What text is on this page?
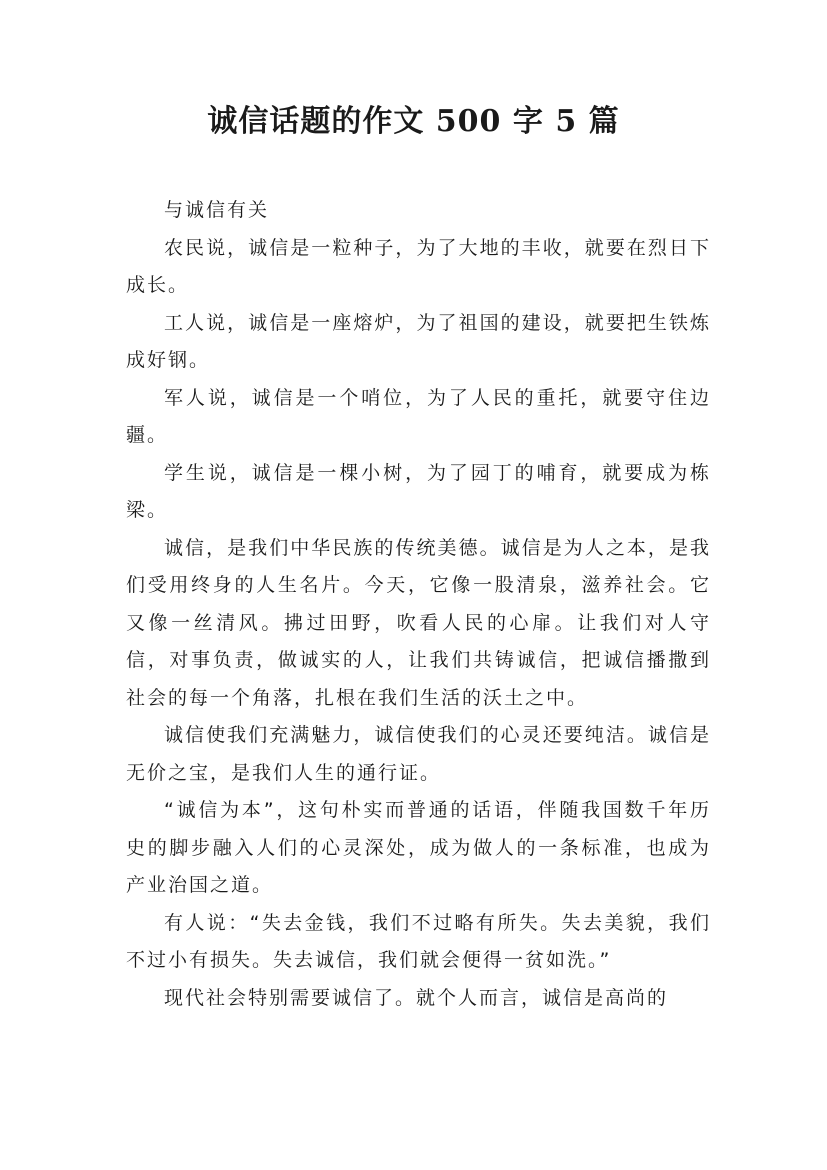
诚信话题的作文 500 字 5 篇

与诚信有关

农民说，诚信是一粒种子，为了大地的丰收，就要在烈日下成长。

工人说，诚信是一座熔炉，为了祖国的建设，就要把生铁炼成好钢。

军人说，诚信是一个哨位，为了人民的重托，就要守住边疆。

学生说，诚信是一棵小树，为了园丁的哺育，就要成为栋梁。

诚信，是我们中华民族的传统美德。诚信是为人之本，是我们受用终身的人生名片。今天，它像一股清泉，滋养社会。它又像一丝清风。拂过田野，吹看人民的心扉。让我们对人守信，对事负责，做诚实的人，让我们共铸诚信，把诚信播撒到社会的每一个角落，扎根在我们生活的沃土之中。

诚信使我们充满魅力，诚信使我们的心灵还要纯洁。诚信是无价之宝，是我们人生的通行证。

“诚信为本”，这句朴实而普通的话语，伴随我国数千年历史的脚步融入人们的心灵深处，成为做人的一条标准，也成为产业治国之道。

有人说：“失去金钱，我们不过略有所失。失去美貌，我们不过小有损失。失去诚信，我们就会便得一贫如洗。”

现代社会特别需要诚信了。就个人而言，诚信是高尚的
